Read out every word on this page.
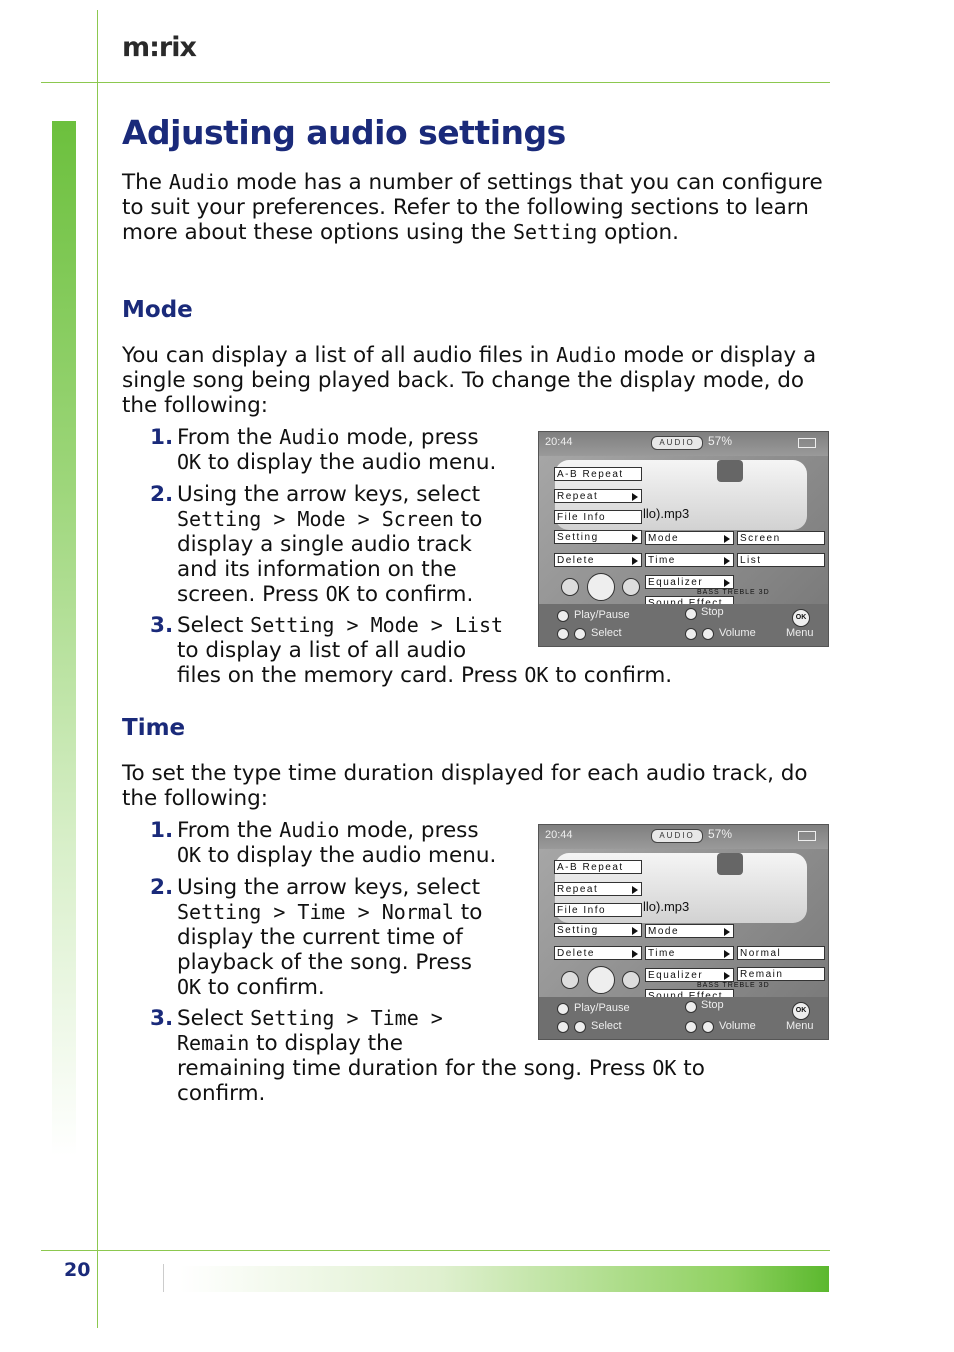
m:rix
Adjusting audio settings

The Audio mode has a number of settings that you can configure to suit your preferences. Refer to the following sections to learn more about these options using the Setting option.

Mode

You can display a list of all audio files in Audio mode or display a single song being played back. To change the display mode, do the following:

1. From the Audio mode, press
OK to display the audio menu.
2. Using the arrow keys, select
Setting > Mode > Screen to
display a single audio track
and its information on the
screen. Press OK to confirm.
3. Select Setting > Mode > List
to display a list of all audio
files on the memory card. Press OK to confirm.
20:44	AUDIO	57%
llo).mp3
A-B Repeat
Repeat
File Info
Setting
Delete
Mode
Time
Equalizer
Screen
List
BASS TREBLE 3D
Play/Pause	Stop
Select	Volume
OK
Menu
Time

To set the type time duration displayed for each audio track, do the following:

1. From the Audio mode, press
OK to display the audio menu.
2. Using the arrow keys, select
Setting > Time > Normal to
display the current time of
playback of the song. Press
OK to confirm.
3. Select Setting > Time >
Remain to display the
remaining time duration for the song. Press OK to
confirm.
20:44	AUDIO	57%
llo).mp3
A-B Repeat
Repeat
File Info
Setting
Delete
Mode
Time
Equalizer
Normal
Remain
BASS TREBLE 3D
Play/Pause	Stop
Select	Volume
OK
Menu
20
